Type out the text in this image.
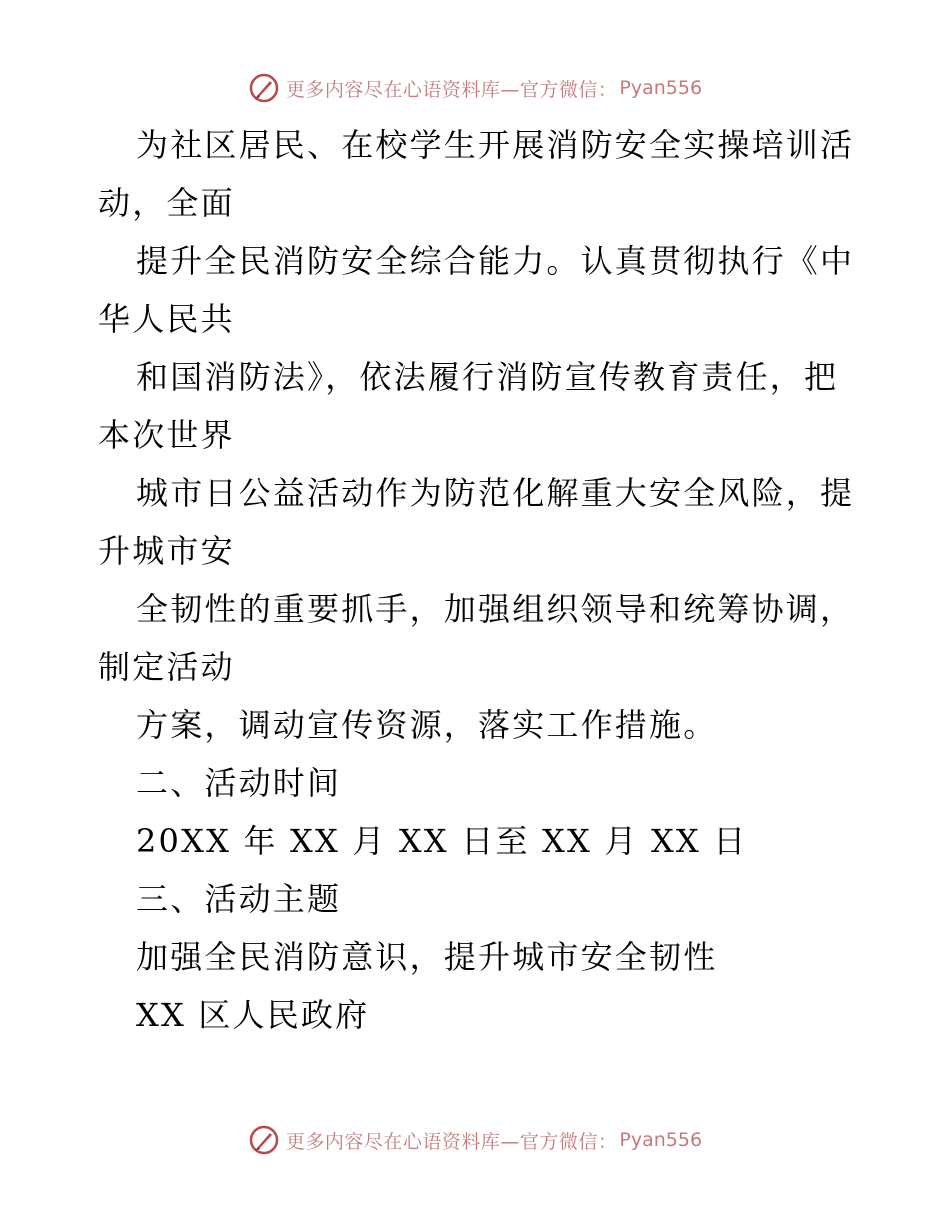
更多内容尽在心语资料库—官方微信： Pyan556
为社区居民、在校学生开展消防安全实操培训活
动，全面
提升全民消防安全综合能力。认真贯彻执行《中
华人民共
和国消防法》，依法履行消防宣传教育责任，把
本次世界
城市日公益活动作为防范化解重大安全风险，提
升城市安
全韧性的重要抓手，加强组织领导和统筹协调，
制定活动
方案，调动宣传资源，落实工作措施。
二、活动时间
20XX 年 XX 月 XX 日至 XX 月 XX 日
三、活动主题
加强全民消防意识，提升城市安全韧性
XX 区人民政府
更多内容尽在心语资料库—官方微信： Pyan556
